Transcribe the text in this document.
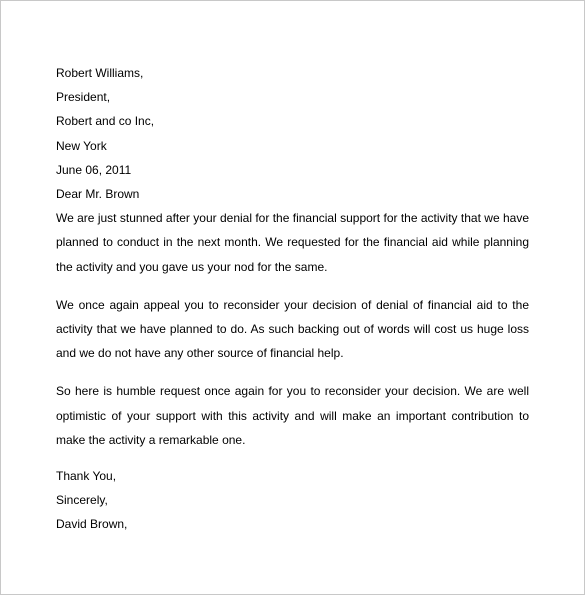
Robert Williams,
President,
Robert and co Inc,
New York
June 06, 2011
Dear Mr. Brown

We are just stunned after your denial for the financial support for the activity that we have planned to conduct in the next month. We requested for the financial aid while planning the activity and you gave us your nod for the same.

We once again appeal you to reconsider your decision of denial of financial aid to the activity that we have planned to do. As such backing out of words will cost us huge loss and we do not have any other source of financial help.

So here is humble request once again for you to reconsider your decision. We are well optimistic of your support with this activity and will make an important contribution to make the activity a remarkable one.

Thank You,
Sincerely,
David Brown,
